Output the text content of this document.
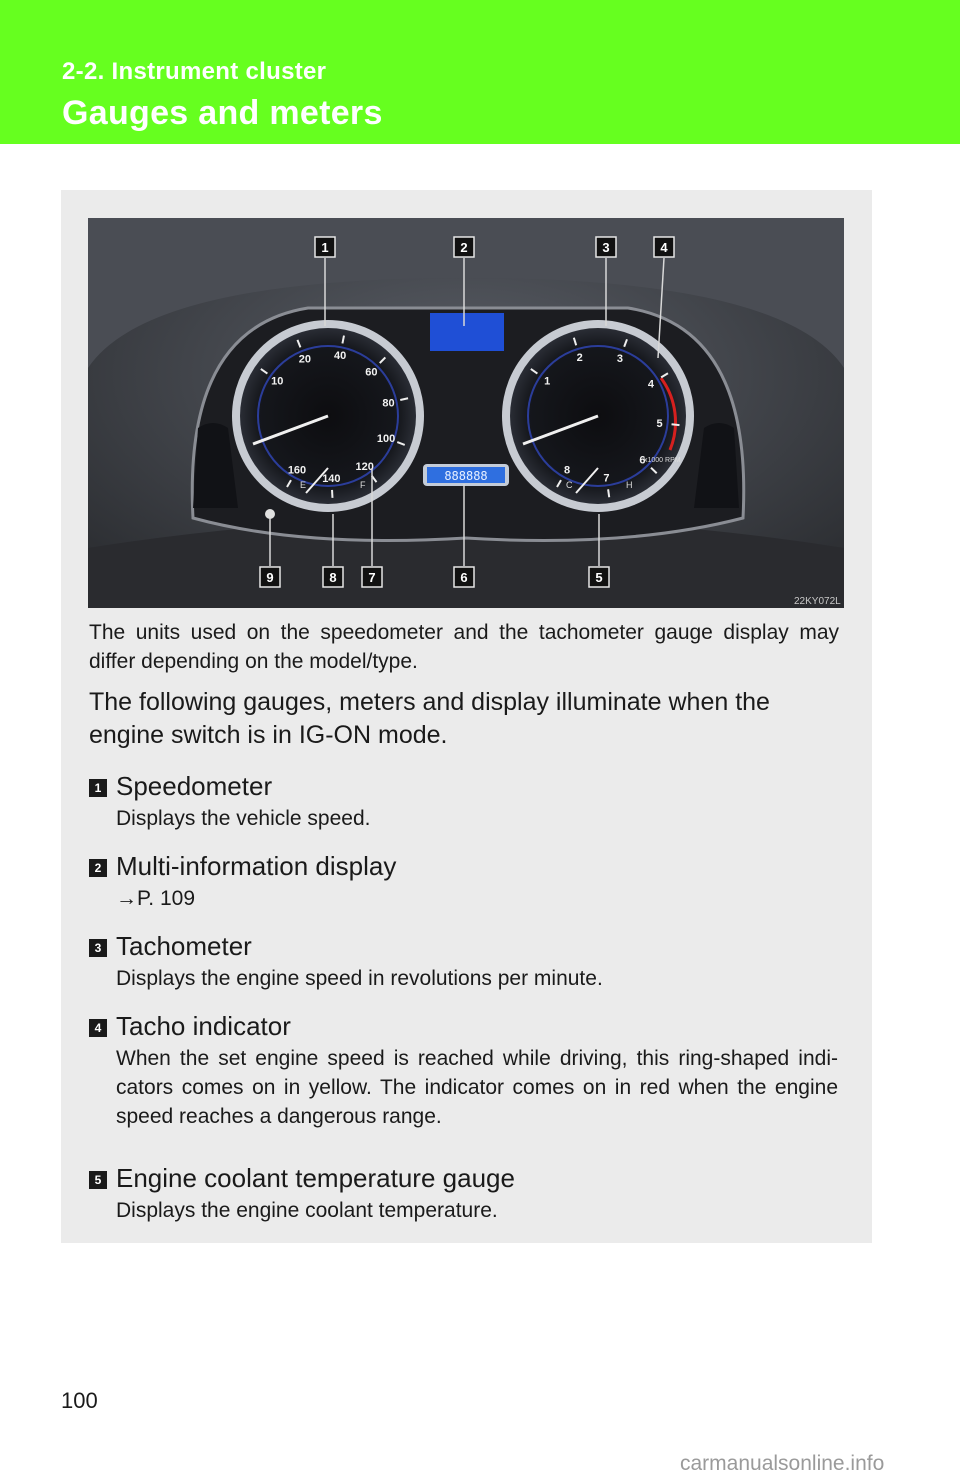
2-2. Instrument cluster
Gauges and meters
888888
10
20 40
60
80
100
120
140
160
E	F
1
2	3
4
5
6
7
8
C	H
x1000 RPM
1	2	3	4
9	8 7	6	5
22KY072L
The units used on the speedometer and the tachometer gauge display may differ depending on the model/type.
The following gauges, meters and display illuminate when the engine switch is in IG-ON mode.
1 Speedometer
Displays the vehicle speed.
2 Multi-information display
→P. 109
3 Tachometer
Displays the engine speed in revolutions per minute.
4 Tacho indicator
When the set engine speed is reached while driving, this ring-shaped indi-cators comes on in yellow. The indicator comes on in red when the engine speed reaches a dangerous range.
5 Engine coolant temperature gauge
Displays the engine coolant temperature.
100
carmanualsonline.info
